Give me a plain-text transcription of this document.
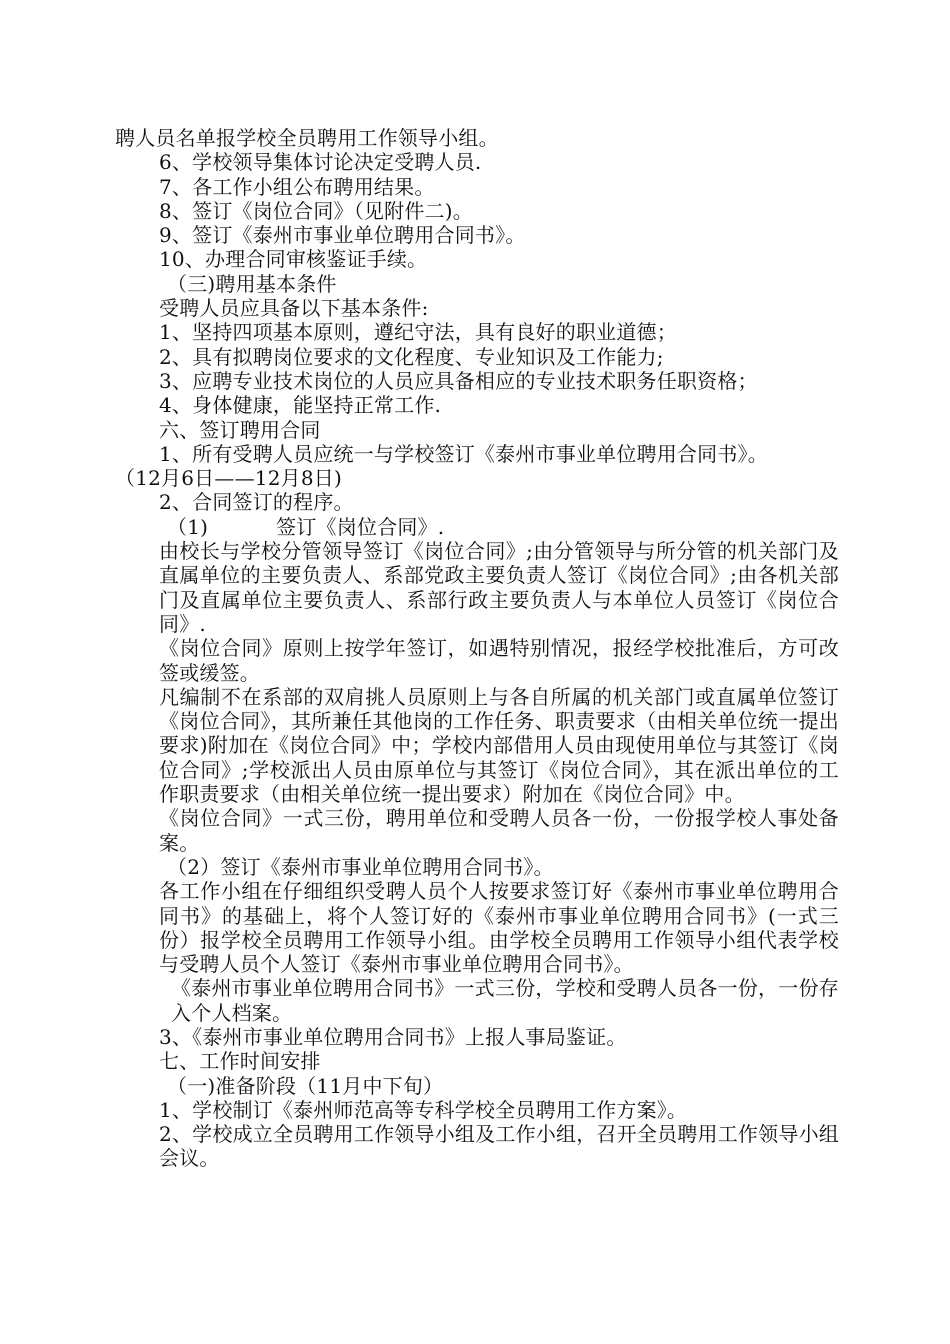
聘人员名单报学校全员聘用工作领导小组。
6、学校领导集体讨论决定受聘人员.
7、各工作小组公布聘用结果。
8、签订《岗位合同》（见附件二)。
9、签订《泰州市事业单位聘用合同书》。
10、办理合同审核鉴证手续。
（三)聘用基本条件
受聘人员应具备以下基本条件:
1、坚持四项基本原则，遵纪守法，具有良好的职业道德；
2、具有拟聘岗位要求的文化程度、专业知识及工作能力;
3、应聘专业技术岗位的人员应具备相应的专业技术职务任职资格；
4、身体健康，能坚持正常工作.
六、签订聘用合同
1、所有受聘人员应统一与学校签订《泰州市事业单位聘用合同书》。
（12月6日——12月8日)
2、合同签订的程序。
（1)	签订《岗位合同》.
由校长与学校分管领导签订《岗位合同》;由分管领导与所分管的机关部门及直属单位的主要负责人、系部党政主要负责人签订《岗位合同》;由各机关部门及直属单位主要负责人、系部行政主要负责人与本单位人员签订《岗位合同》.
《岗位合同》原则上按学年签订，如遇特别情况，报经学校批准后，方可改签或缓签。
凡编制不在系部的双肩挑人员原则上与各自所属的机关部门或直属单位签订《岗位合同》，其所兼任其他岗的工作任务、职责要求（由相关单位统一提出要求)附加在《岗位合同》中；学校内部借用人员由现使用单位与其签订《岗位合同》;学校派出人员由原单位与其签订《岗位合同》，其在派出单位的工作职责要求（由相关单位统一提出要求）附加在《岗位合同》中。
《岗位合同》一式三份，聘用单位和受聘人员各一份，一份报学校人事处备案。
（2）签订《泰州市事业单位聘用合同书》。
各工作小组在仔细组织受聘人员个人按要求签订好《泰州市事业单位聘用合同书》的基础上，将个人签订好的《泰州市事业单位聘用合同书》(一式三份）报学校全员聘用工作领导小组。由学校全员聘用工作领导小组代表学校与受聘人员个人签订《泰州市事业单位聘用合同书》。
《泰州市事业单位聘用合同书》一式三份，学校和受聘人员各一份，一份存入个人档案。
3、《泰州市事业单位聘用合同书》上报人事局鉴证。
七、工作时间安排
（一)准备阶段（11月中下旬）
1、学校制订《泰州师范高等专科学校全员聘用工作方案》。
2、学校成立全员聘用工作领导小组及工作小组，召开全员聘用工作领导小组会议。
